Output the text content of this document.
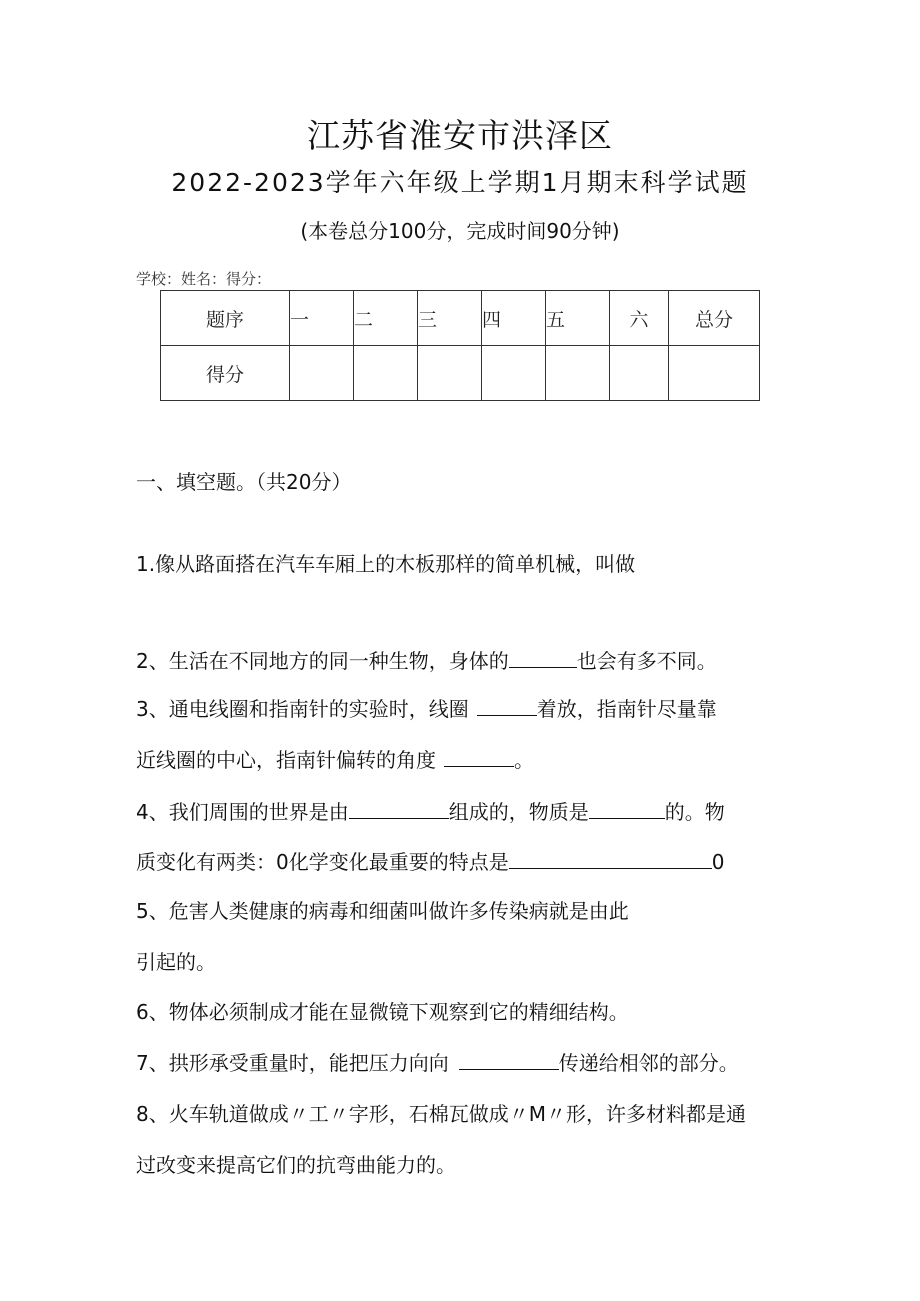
江苏省淮安市洪泽区
2022-2023学年六年级上学期1月期末科学试题
(本卷总分100分，完成时间90分钟)
学校：姓名：得分：
题序	一	二	三	四	五	六	总分
得分							
一、填空题。（共20分）
1.像从路面搭在汽车车厢上的木板那样的简单机械，叫做
2、生活在不同地方的同一种生物，身体的	也会有多不同。
3、通电线圈和指南针的实验时，线圈	着放，指南针尽量靠
近线圈的中心，指南针偏转的角度	。
4、我们周围的世界是由	组成的，物质是	的。物
质变化有两类：0化学变化最重要的特点是	0
5、危害人类健康的病毒和细菌叫做许多传染病就是由此
引起的。
6、物体必须制成才能在显微镜下观察到它的精细结构。
7、拱形承受重量时，能把压力向向	传递给相邻的部分。
8、火车轨道做成〃工〃字形，石棉瓦做成〃M〃形，许多材料都是通
过改变来提高它们的抗弯曲能力的。
